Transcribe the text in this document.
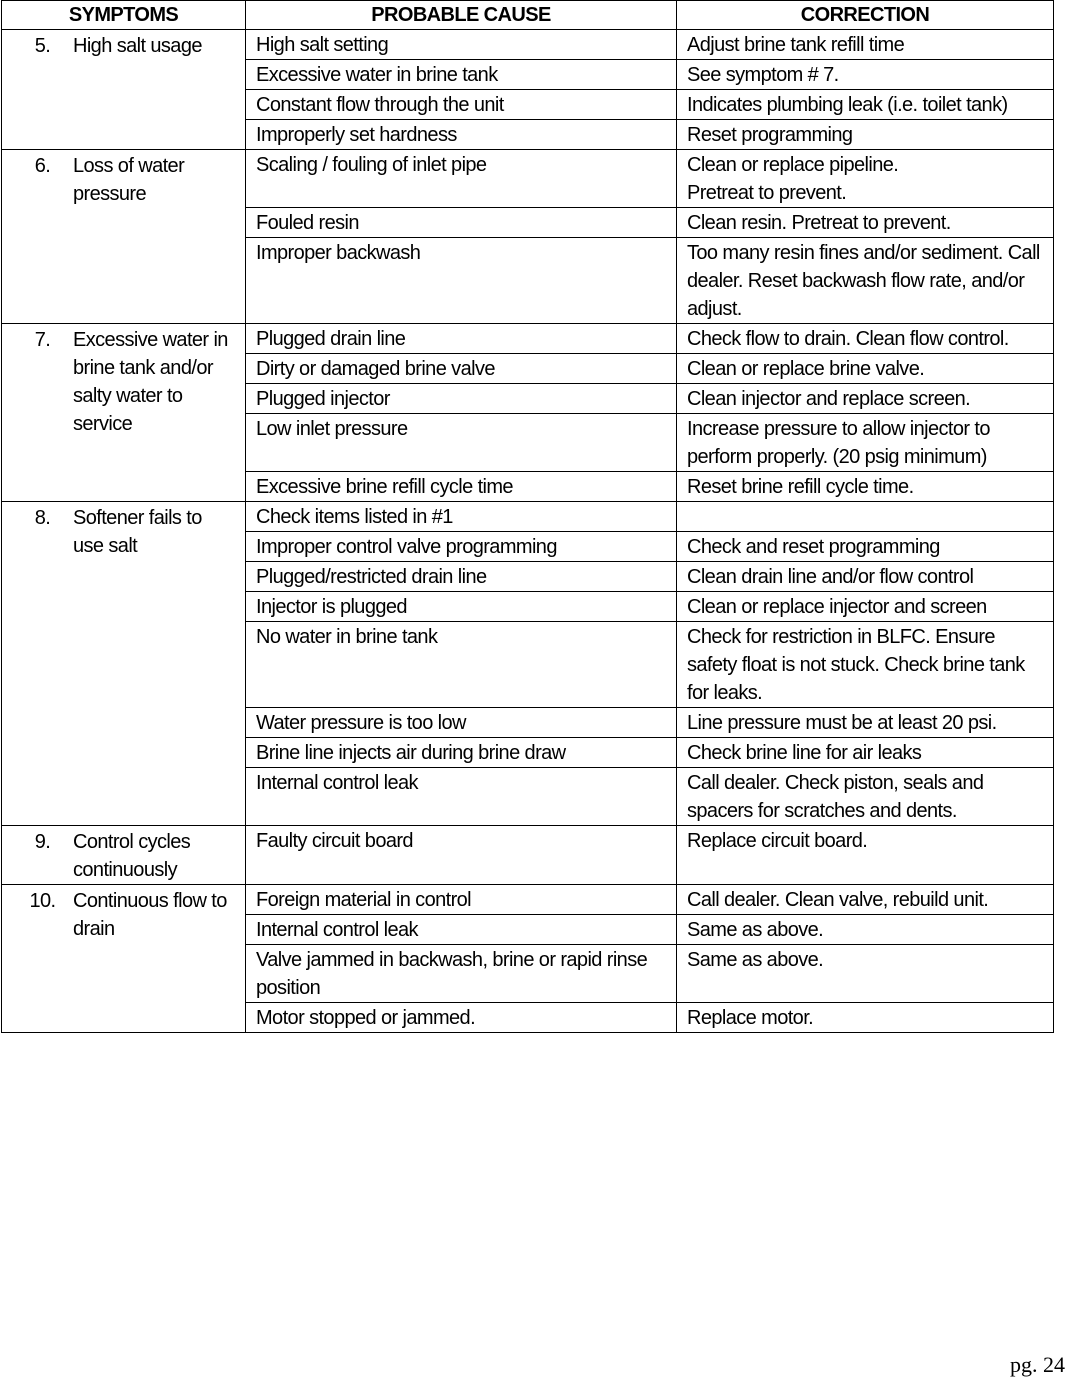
SYMPTOMS	PROBABLE CAUSE	CORRECTION

5. High salt usage	High salt setting	Adjust brine tank refill time
	Excessive water in brine tank	See symptom # 7.
	Constant flow through the unit	Indicates plumbing leak (i.e. toilet tank)
	Improperly set hardness	Reset programming

6. Loss of water pressure	Scaling / fouling of inlet pipe	Clean or replace pipeline.
Pretreat to prevent.
	Fouled resin	Clean resin. Pretreat to prevent.
	Improper backwash	Too many resin fines and/or sediment. Call dealer. Reset backwash flow rate, and/or adjust.

7. Excessive water in brine tank and/or salty water to service	Plugged drain line	Check flow to drain. Clean flow control.
	Dirty or damaged brine valve	Clean or replace brine valve.
	Plugged injector	Clean injector and replace screen.
	Low inlet pressure	Increase pressure to allow injector to perform properly. (20 psig minimum)
	Excessive brine refill cycle time	Reset brine refill cycle time.

8. Softener fails to use salt	Check items listed in #1	
	Improper control valve programming	Check and reset programming
	Plugged/restricted drain line	Clean drain line and/or flow control
	Injector is plugged	Clean or replace injector and screen
	No water in brine tank	Check for restriction in BLFC. Ensure safety float is not stuck. Check brine tank for leaks.
	Water pressure is too low	Line pressure must be at least 20 psi.
	Brine line injects air during brine draw	Check brine line for air leaks
	Internal control leak	Call dealer. Check piston, seals and spacers for scratches and dents.

9. Control cycles continuously	Faulty circuit board	Replace circuit board.

10. Continuous flow to drain	Foreign material in control	Call dealer. Clean valve, rebuild unit.
	Internal control leak	Same as above.
	Valve jammed in backwash, brine or rapid rinse position	Same as above.
	Motor stopped or jammed.	Replace motor.
pg. 24
